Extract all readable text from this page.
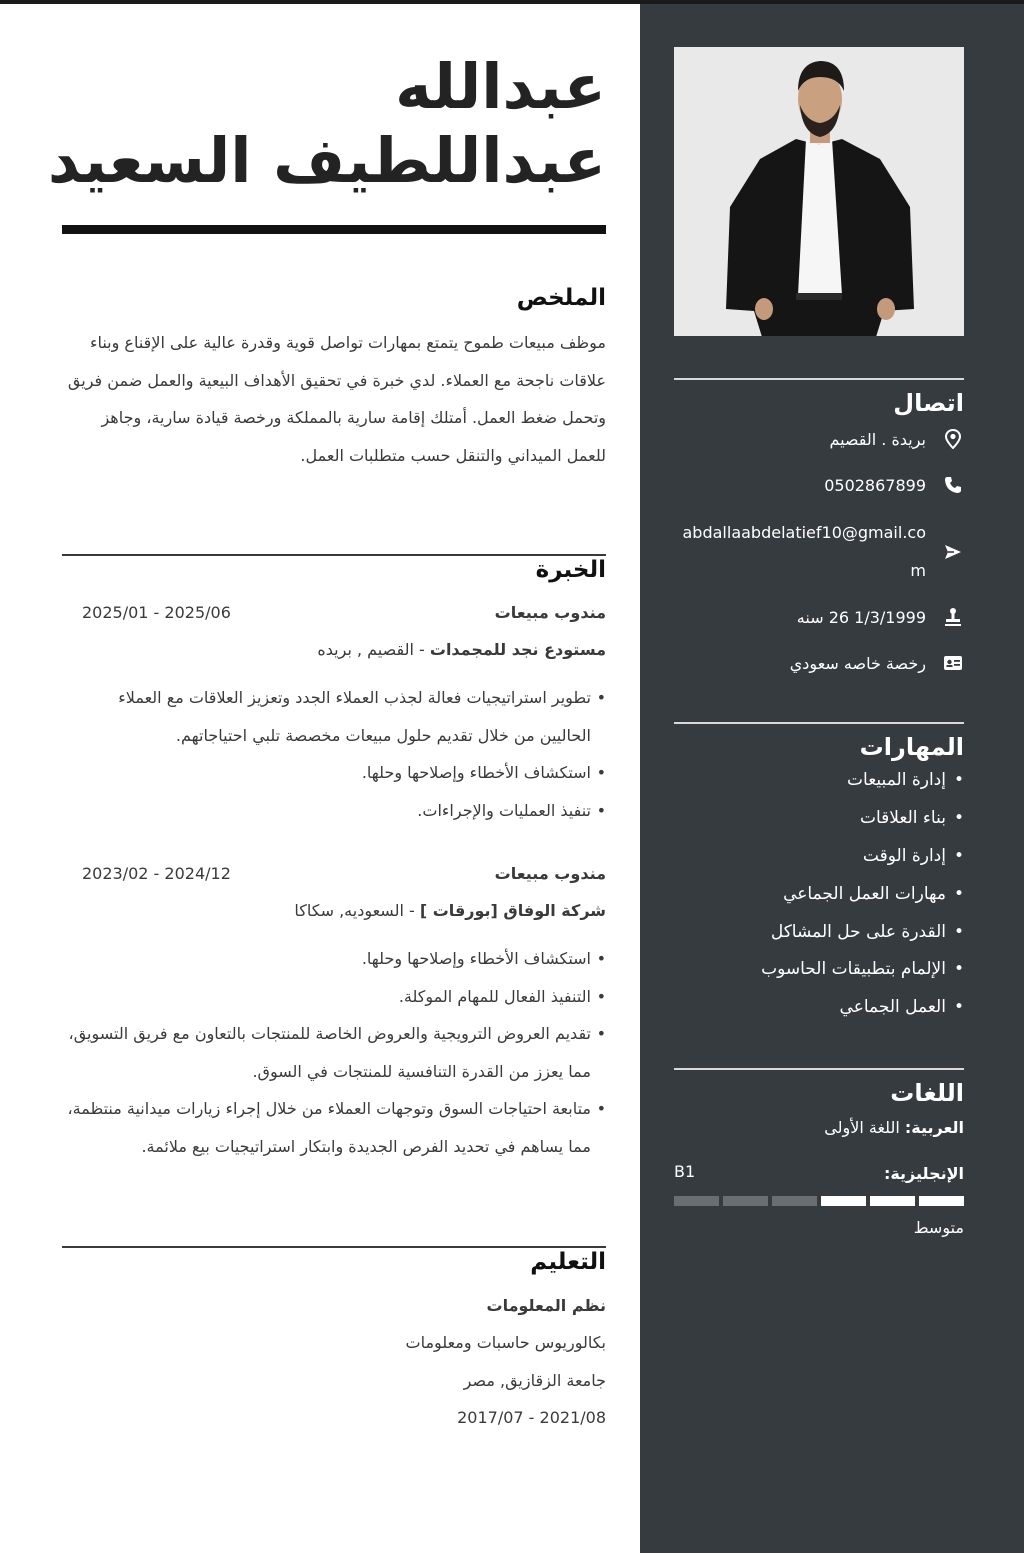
اتصال
بريدة . القصيم
0502867899
abdallaabdelatief10@gmail.com
1/3/1999 26 سنه
رخصة خاصه سعودي
المهارات
• إدارة المبيعات
• بناء العلاقات
• إدارة الوقت
• مهارات العمل الجماعي
• القدرة على حل المشاكل
• الإلمام بتطبيقات الحاسوب
• العمل الجماعي
اللغات
العربية: اللغة الأولى
الإنجليزية:
B1
متوسط
عبدالله عبداللطيف السعيد
الملخص

موظف مبيعات طموح يتمتع بمهارات تواصل قوية وقدرة عالية على الإقناع وبناء علاقات ناجحة مع العملاء. لدي خبرة في تحقيق الأهداف البيعية والعمل ضمن فريق وتحمل ضغط العمل. أمتلك إقامة سارية بالمملكة ورخصة قيادة سارية، وجاهز للعمل الميداني والتنقل حسب متطلبات العمل.

الخبرة
مندوب مبيعات
2025/01 - 2025/06
مستودع نجد للمجمدات - القصيم , بريده
• تطوير استراتيجيات فعالة لجذب العملاء الجدد وتعزيز العلاقات مع العملاء الحاليين من خلال تقديم حلول مبيعات مخصصة تلبي احتياجاتهم.
• استكشاف الأخطاء وإصلاحها وحلها.
• تنفيذ العمليات والإجراءات.
مندوب مبيعات
2023/02 - 2024/12
شركة الوفاق [بورقات ] - السعوديه, سكاكا
• استكشاف الأخطاء وإصلاحها وحلها.
• التنفيذ الفعال للمهام الموكلة.
• تقديم العروض الترويجية والعروض الخاصة للمنتجات بالتعاون مع فريق التسويق، مما يعزز من القدرة التنافسية للمنتجات في السوق.
• متابعة احتياجات السوق وتوجهات العملاء من خلال إجراء زيارات ميدانية منتظمة، مما يساهم في تحديد الفرص الجديدة وابتكار استراتيجيات بيع ملائمة.
التعليم
نظم المعلومات
بكالوريوس حاسبات ومعلومات
جامعة الزقازيق, مصر
2017/07 - 2021/08
